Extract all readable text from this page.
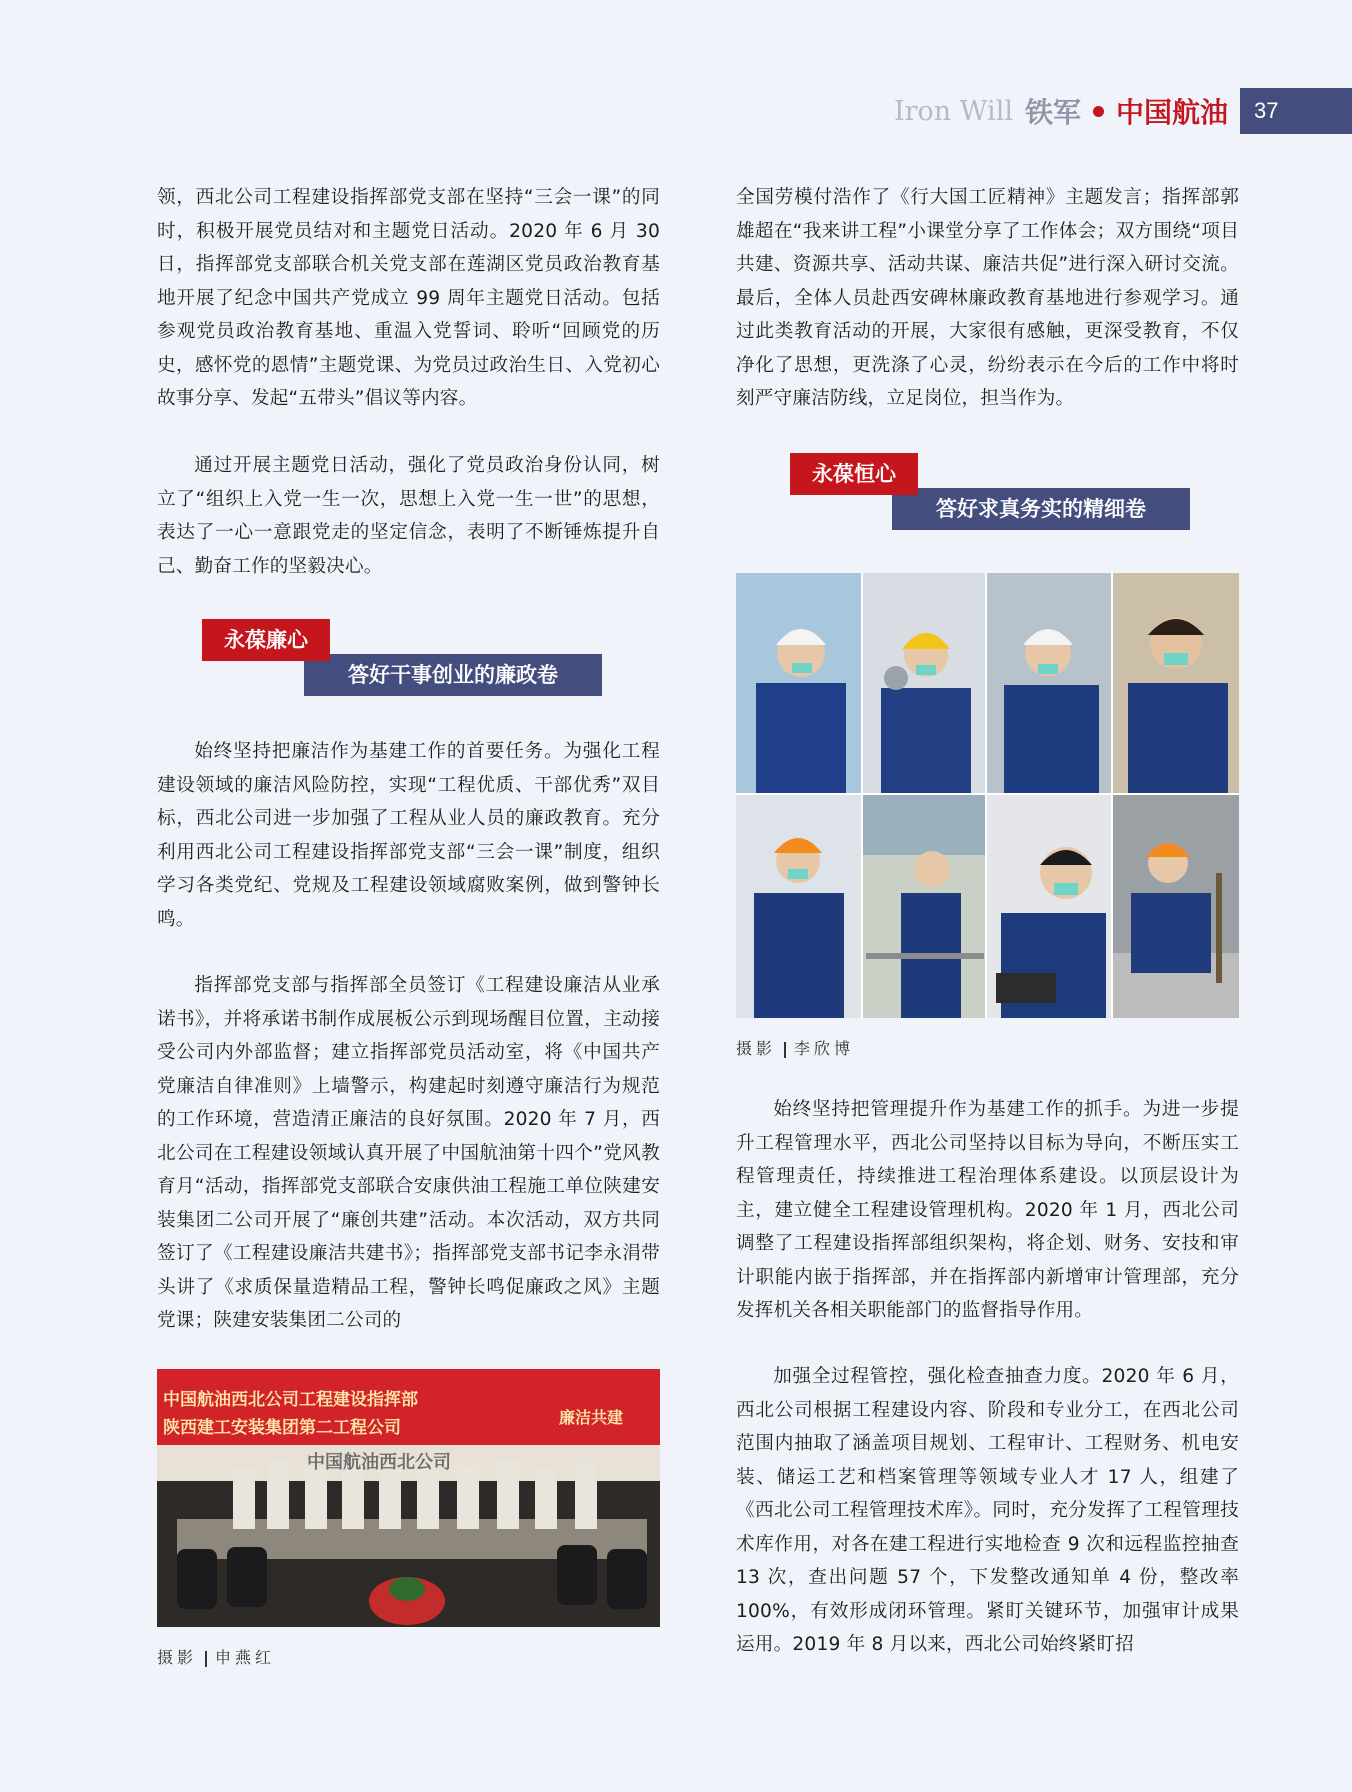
Iron Will 铁军 中国航油	37

领，西北公司工程建设指挥部党支部在坚持“三会一课”的同时，积极开展党员结对和主题党日活动。2020 年 6 月 30 日，指挥部党支部联合机关党支部在莲湖区党员政治教育基地开展了纪念中国共产党成立 99 周年主题党日活动。包括参观党员政治教育基地、重温入党誓词、聆听“回顾党的历史，感怀党的恩情”主题党课、为党员过政治生日、入党初心故事分享、发起“五带头”倡议等内容。

通过开展主题党日活动，强化了党员政治身份认同，树立了“组织上入党一生一次，思想上入党一生一世”的思想，表达了一心一意跟党走的坚定信念，表明了不断锤炼提升自己、勤奋工作的坚毅决心。

永葆廉心
答好干事创业的廉政卷

始终坚持把廉洁作为基建工作的首要任务。为强化工程建设领域的廉洁风险防控，实现“工程优质、干部优秀”双目标，西北公司进一步加强了工程从业人员的廉政教育。充分利用西北公司工程建设指挥部党支部“三会一课”制度，组织学习各类党纪、党规及工程建设领域腐败案例，做到警钟长鸣。

指挥部党支部与指挥部全员签订《工程建设廉洁从业承诺书》，并将承诺书制作成展板公示到现场醒目位置，主动接受公司内外部监督；建立指挥部党员活动室，将《中国共产党廉洁自律准则》上墙警示，构建起时刻遵守廉洁行为规范的工作环境，营造清正廉洁的良好氛围。2020 年 7 月，西北公司在工程建设领域认真开展了中国航油第十四个”党风教育月“活动，指挥部党支部联合安康供油工程施工单位陕建安装集团二公司开展了“廉创共建”活动。本次活动，双方共同签订了《工程建设廉洁共建书》；指挥部党支部书记李永涓带头讲了《求质保量造精品工程，警钟长鸣促廉政之风》主题党课；陕建安装集团二公司的

中国航油西北公司工程建设指挥部
陕西建工安装集团第二工程公司
廉洁共建
中国航油西北公司
摄影 申燕红

全国劳模付浩作了《行大国工匠精神》主题发言；指挥部郭雄超在“我来讲工程”小课堂分享了工作体会；双方围绕“项目共建、资源共享、活动共谋、廉洁共促”进行深入研讨交流。最后，全体人员赴西安碑林廉政教育基地进行参观学习。通过此类教育活动的开展，大家很有感触，更深受教育，不仅净化了思想，更洗涤了心灵，纷纷表示在今后的工作中将时刻严守廉洁防线，立足岗位，担当作为。

永葆恒心
答好求真务实的精细卷
摄影 李欣博

始终坚持把管理提升作为基建工作的抓手。为进一步提升工程管理水平，西北公司坚持以目标为导向，不断压实工程管理责任，持续推进工程治理体系建设。以顶层设计为主，建立健全工程建设管理机构。2020 年 1 月，西北公司调整了工程建设指挥部组织架构，将企划、财务、安技和审计职能内嵌于指挥部，并在指挥部内新增审计管理部，充分发挥机关各相关职能部门的监督指导作用。

加强全过程管控，强化检查抽查力度。2020 年 6 月，西北公司根据工程建设内容、阶段和专业分工，在西北公司范围内抽取了涵盖项目规划、工程审计、工程财务、机电安装、储运工艺和档案管理等领域专业人才 17 人，组建了《西北公司工程管理技术库》。同时，充分发挥了工程管理技术库作用，对各在建工程进行实地检查 9 次和远程监控抽查 13 次，查出问题 57 个，下发整改通知单 4 份，整改率 100%，有效形成闭环管理。紧盯关键环节，加强审计成果运用。2019 年 8 月以来，西北公司始终紧盯招
